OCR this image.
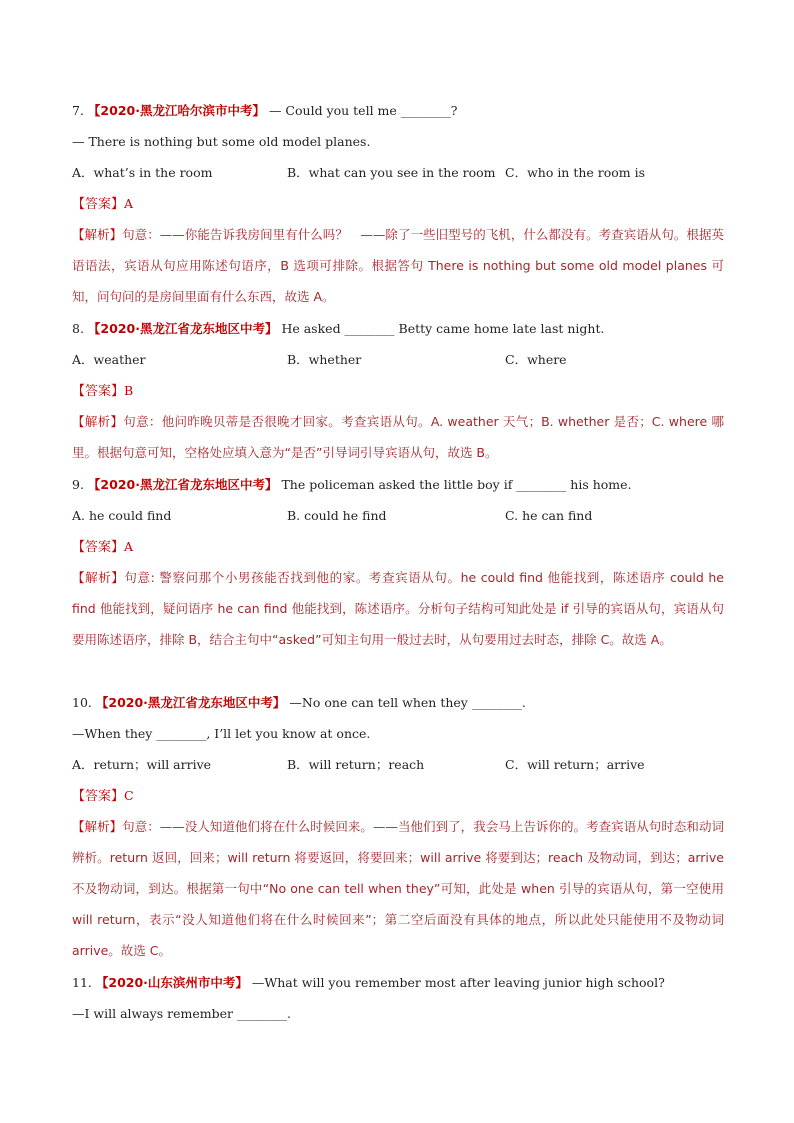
7. 【2020·黑龙江哈尔滨市中考】 — Could you tell me ________?
— There is nothing but some old model planes.
A．what’s in the room	B．what can you see in the room C．who in the room is
【答案】A
【解析】句意：——你能告诉我房间里有什么吗？　——除了一些旧型号的飞机，什么都没有。考查宾语从句。根据英语语法，宾语从句应用陈述句语序，B 选项可排除。根据答句 There is nothing but some old model planes 可知，问句问的是房间里面有什么东西，故选 A。
8. 【2020·黑龙江省龙东地区中考】 He asked ________ Betty came home late last night.
A．weather	B．whether	C．where
【答案】B
【解析】句意：他问昨晚贝蒂是否很晚才回家。考查宾语从句。A. weather 天气；B. whether 是否；C. where 哪里。根据句意可知，空格处应填入意为“是否”引导词引导宾语从句，故选 B。
9. 【2020·黑龙江省龙东地区中考】 The policeman asked the little boy if ________ his home.
A. he could find	B. could he find	C. he can find
【答案】A
【解析】句意: 警察问那个小男孩能否找到他的家。考查宾语从句。he could find 他能找到，陈述语序 could he find 他能找到，疑问语序 he can find 他能找到，陈述语序。分析句子结构可知此处是 if 引导的宾语从句，宾语从句要用陈述语序，排除 B，结合主句中“asked”可知主句用一般过去时，从句要用过去时态，排除 C。故选 A。
10. 【2020·黑龙江省龙东地区中考】 —No one can tell when they ________.
—When they ________, I’ll let you know at once.
A．return；will arrive	B．will return；reach	C．will return；arrive
【答案】C
【解析】句意：——没人知道他们将在什么时候回来。——当他们到了，我会马上告诉你的。考查宾语从句时态和动词辨析。return 返回，回来；will return 将要返回，将要回来；will arrive 将要到达；reach 及物动词，到达；arrive 不及物动词，到达。根据第一句中“No one can tell when they”可知，此处是 when 引导的宾语从句，第一空使用 will return，表示“没人知道他们将在什么时候回来”；第二空后面没有具体的地点，所以此处只能使用不及物动词 arrive。故选 C。
11. 【2020·山东滨州市中考】 —What will you remember most after leaving junior high school?
—I will always remember ________.
